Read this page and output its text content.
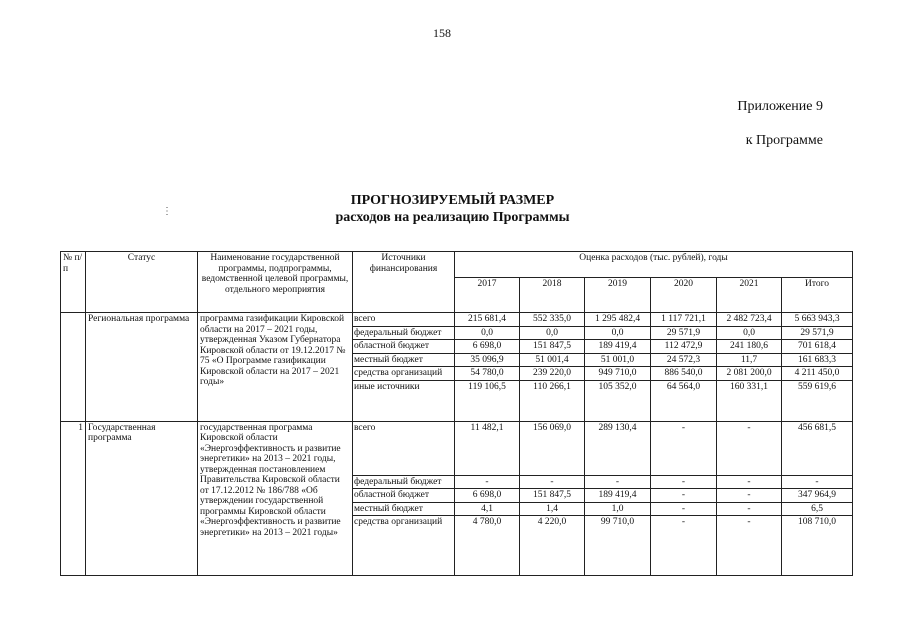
158
Приложение 9
к Программе
ПРОГНОЗИРУЕМЫЙ РАЗМЕР
расходов на реализацию Программы
⋮
№ п/п	Статус	Наименование государственной программы, подпрограммы, ведомственной целевой программы, отдельного мероприятия	Источники финансирования	Оценка расходов (тыс. рублей), годы					
				2017	2018	2019	2020	2021	Итого
	Региональная программа	программа газификации Кировской области на 2017 – 2021 годы, утвержденная Указом Губернатора Кировской области от 19.12.2017 № 75 «О Программе газификации Кировской области на 2017 – 2021 годы»	всего	215 681,4	552 335,0	1 295 482,4	1 117 721,1	2 482 723,4	5 663 943,3
			федеральный бюджет	0,0	0,0	0,0	29 571,9	0,0	29 571,9
			областной бюджет	6 698,0	151 847,5	189 419,4	112 472,9	241 180,6	701 618,4
			местный бюджет	35 096,9	51 001,4	51 001,0	24 572,3	11,7	161 683,3
			средства организаций	54 780,0	239 220,0	949 710,0	886 540,0	2 081 200,0	4 211 450,0
			иные источники	119 106,5	110 266,1	105 352,0	64 564,0	160 331,1	559 619,6

1	Государственная программа	государственная программа Кировской области «Энергоэффективность и развитие энергетики» на 2013 – 2021 годы, утвержденная постановлением Правительства Кировской области от 17.12.2012 № 186/788 «Об утверждении государственной программы Кировской области «Энергоэффективность и развитие энергетики» на 2013 – 2021 годы»	всего	11 482,1	156 069,0	289 130,4	-	-	456 681,5
			федеральный бюджет	-	-	-	-	-	-
			областной бюджет	6 698,0	151 847,5	189 419,4	-	-	347 964,9
			местный бюджет	4,1	1,4	1,0	-	-	6,5
			средства организаций	4 780,0	4 220,0	99 710,0	-	-	108 710,0
